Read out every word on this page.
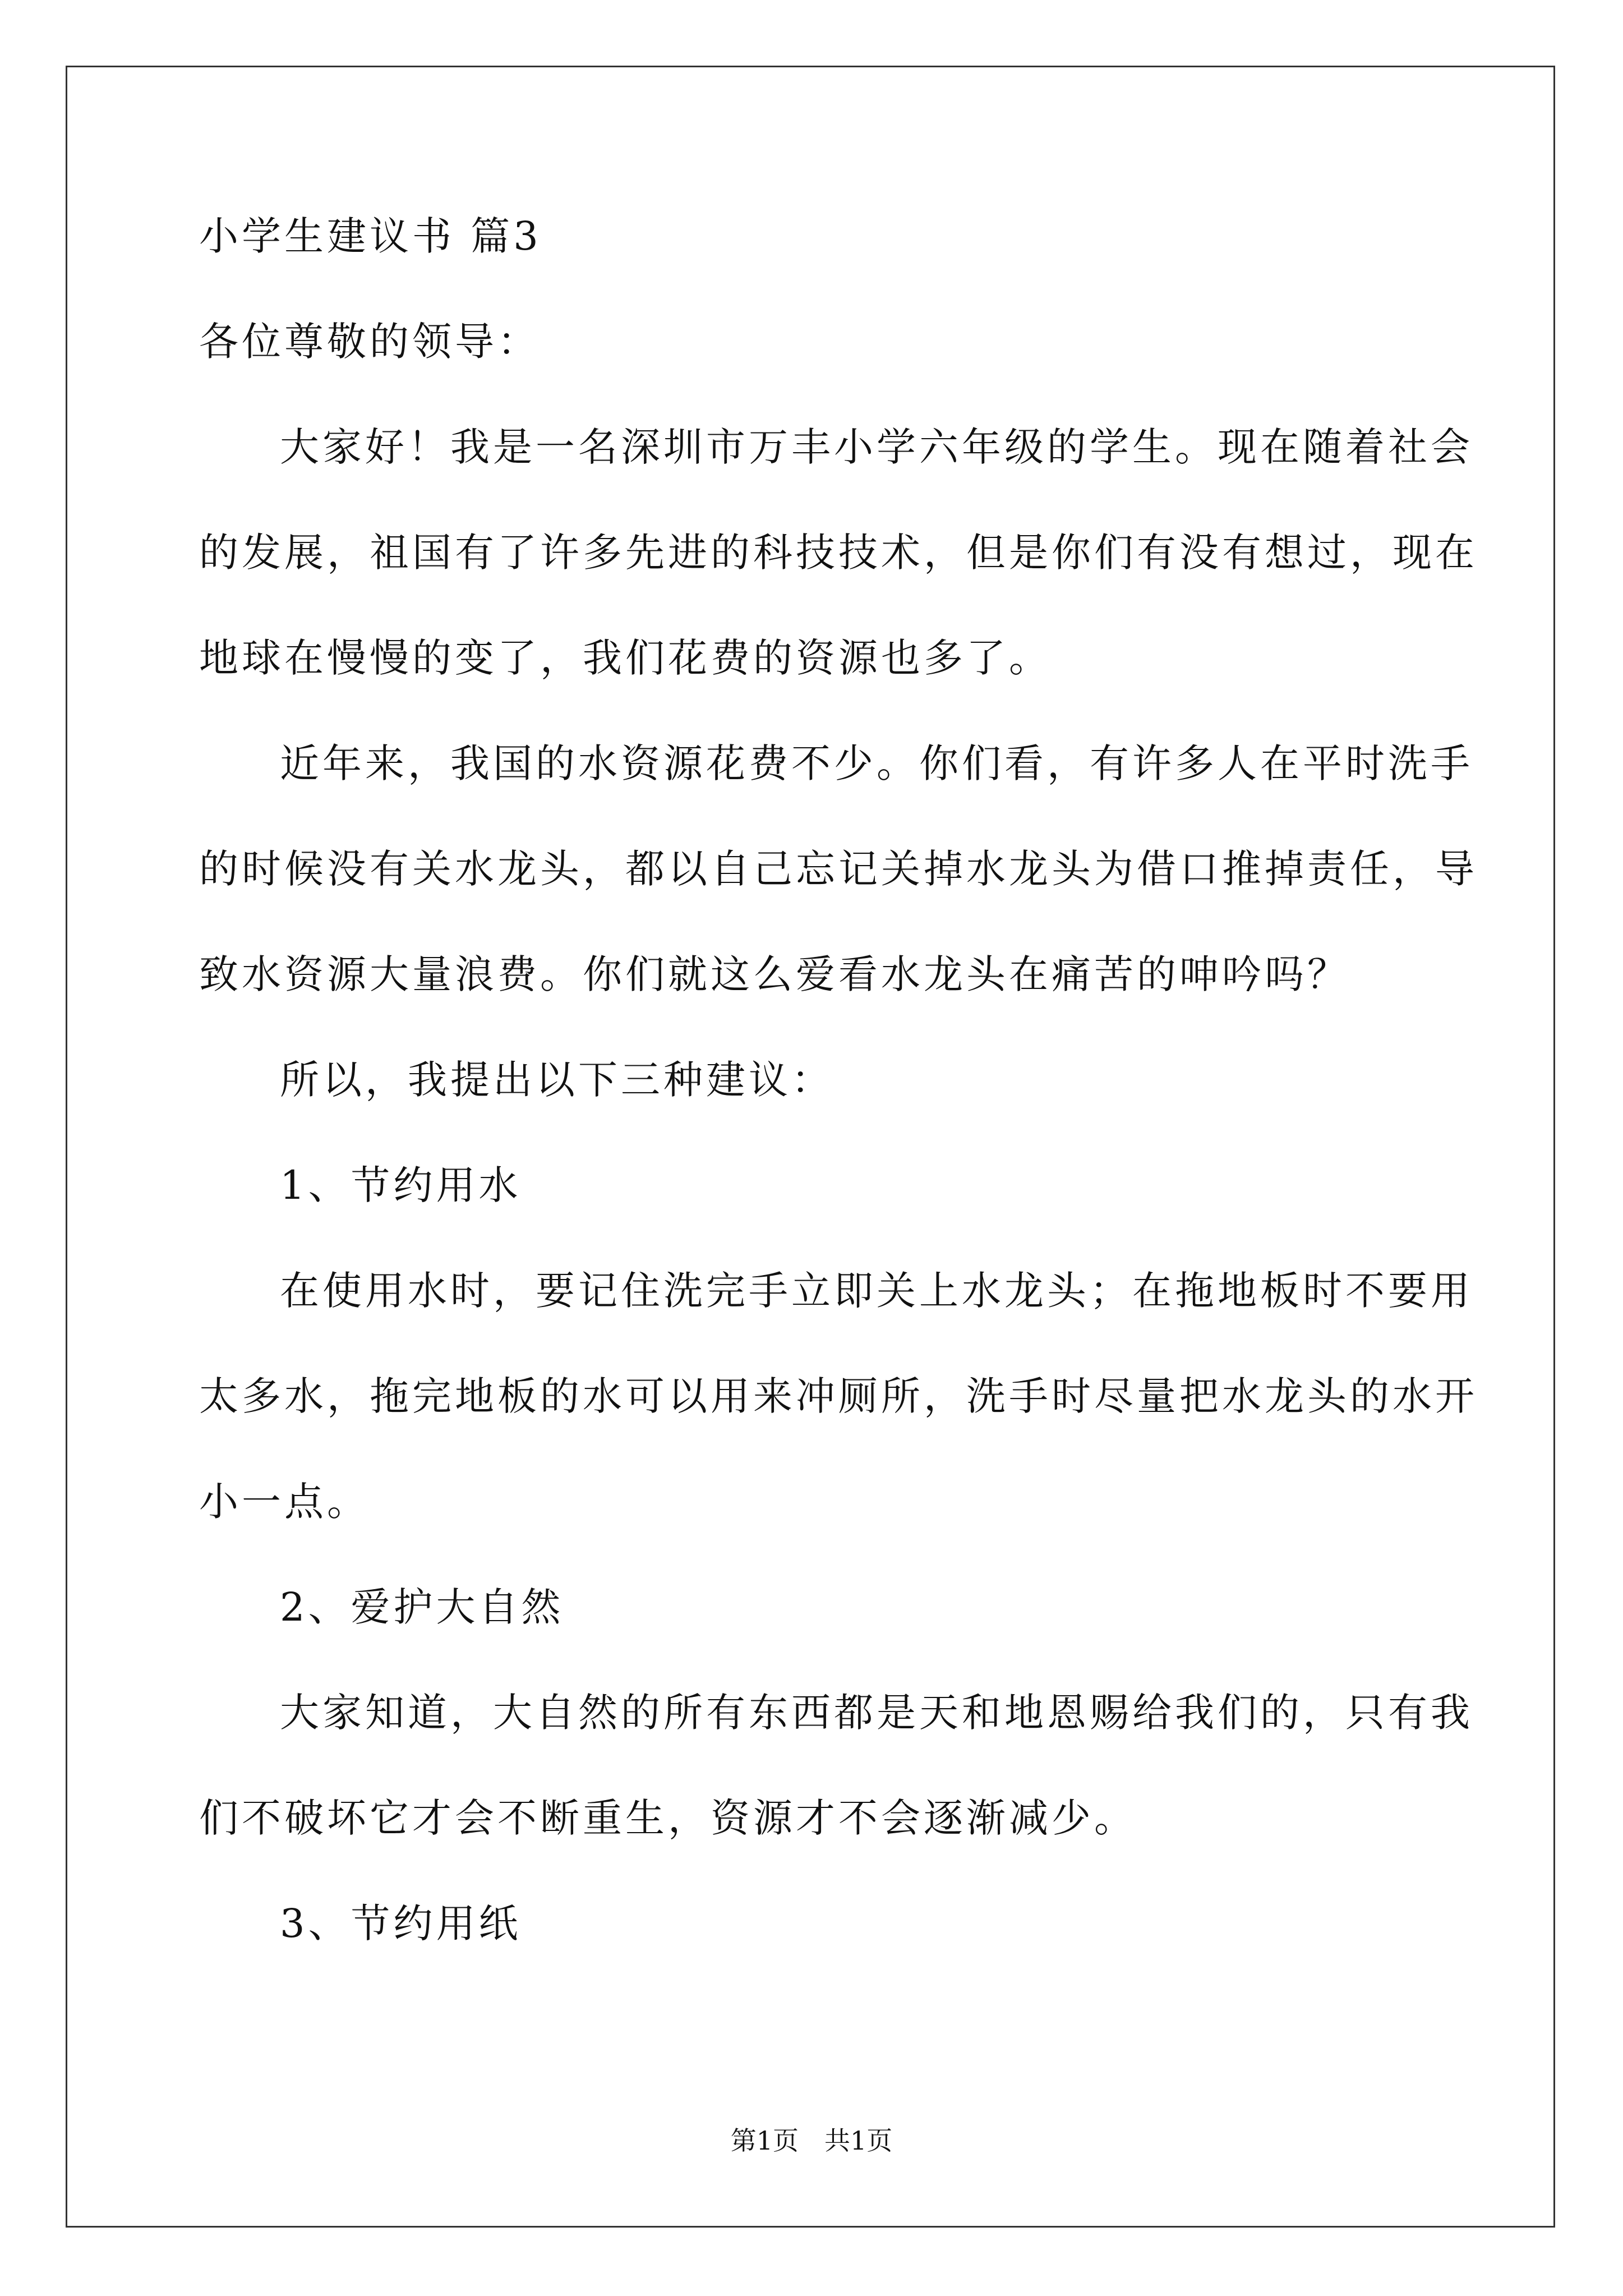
小学生建议书 篇3
各位尊敬的领导：
大家好！我是一名深圳市万丰小学六年级的学生。现在随着社会
的发展，祖国有了许多先进的科技技术，但是你们有没有想过，现在
地球在慢慢的变了，我们花费的资源也多了。
近年来，我国的水资源花费不少。你们看，有许多人在平时洗手
的时候没有关水龙头，都以自己忘记关掉水龙头为借口推掉责任，导
致水资源大量浪费。你们就这么爱看水龙头在痛苦的呻吟吗？
所以，我提出以下三种建议：
1、节约用水
在使用水时，要记住洗完手立即关上水龙头；在拖地板时不要用
太多水，拖完地板的水可以用来冲厕所，洗手时尽量把水龙头的水开
小一点。
2、爱护大自然
大家知道，大自然的所有东西都是天和地恩赐给我们的，只有我
们不破坏它才会不断重生，资源才不会逐渐减少。
3、节约用纸
第1页　共1页
